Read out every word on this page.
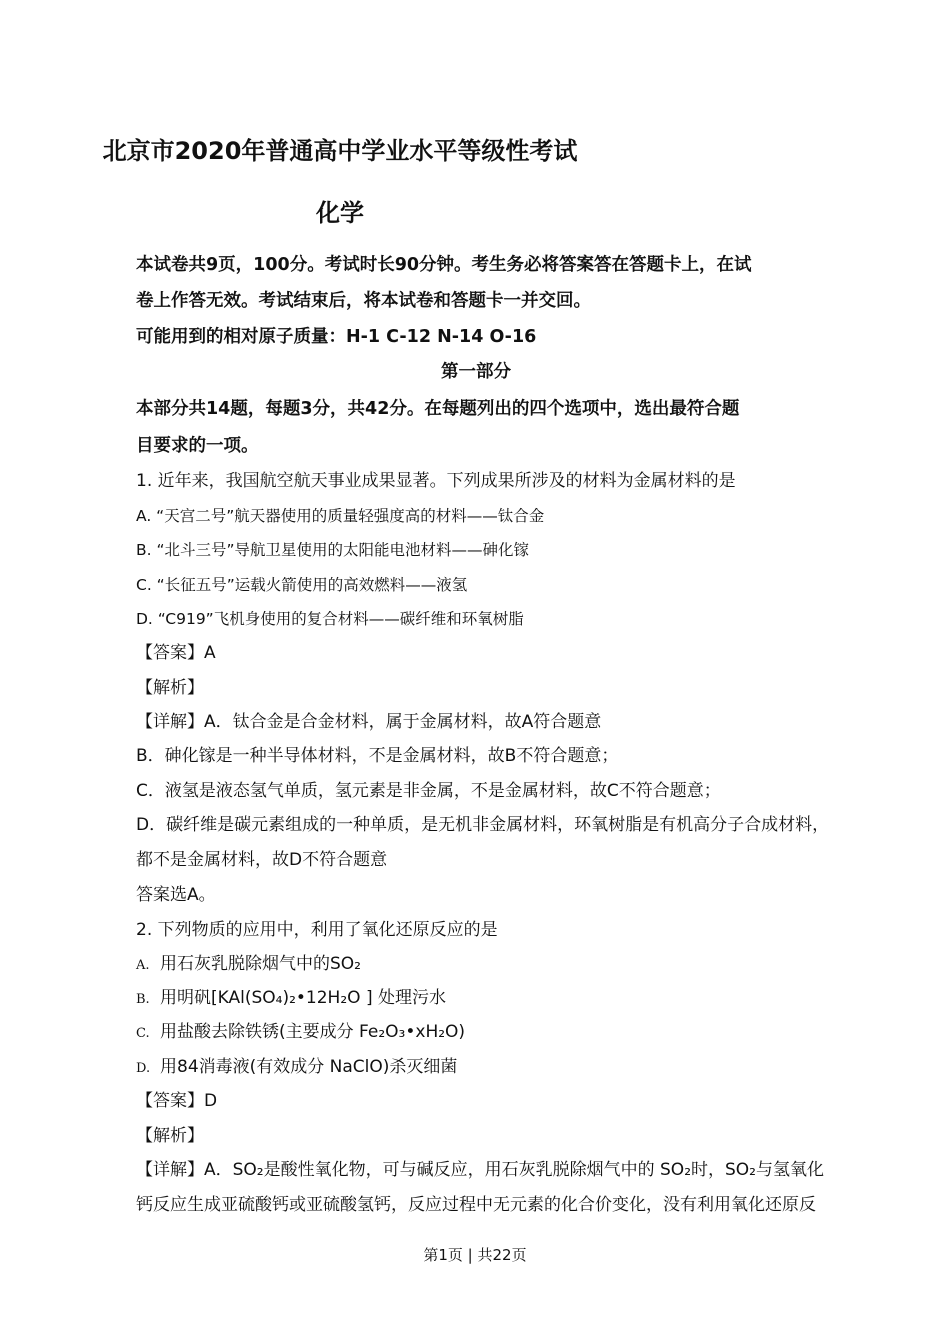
北京市2020年普通高中学业水平等级性考试
化学
本试卷共9页，100分。考试时长90分钟。考生务必将答案答在答题卡上，在试
卷上作答无效。考试结束后，将本试卷和答题卡一并交回。
可能用到的相对原子质量：H-1 C-12 N-14 O-16
第一部分
本部分共14题，每题3分，共42分。在每题列出的四个选项中，选出最符合题
目要求的一项。
1. 近年来，我国航空航天事业成果显著。下列成果所涉及的材料为金属材料的是
A. “天宫二号”航天器使用的质量轻强度高的材料——钛合金
B. “北斗三号”导航卫星使用的太阳能电池材料——砷化镓
C. “长征五号”运载火箭使用的高效燃料——液氢
D. “C919”飞机身使用的复合材料——碳纤维和环氧树脂
【答案】A
【解析】
【详解】A．钛合金是合金材料，属于金属材料，故A符合题意
B．砷化镓是一种半导体材料，不是金属材料，故B不符合题意；
C．液氢是液态氢气单质，氢元素是非金属，不是金属材料，故C不符合题意；
D．碳纤维是碳元素组成的一种单质，是无机非金属材料，环氧树脂是有机高分子合成材料，
都不是金属材料，故D不符合题意
答案选A。
2. 下列物质的应用中，利用了氧化还原反应的是
A. 用石灰乳脱除烟气中的SO₂
B. 用明矾[KAl(SO₄)₂•12H₂O ] 处理污水
C. 用盐酸去除铁锈(主要成分 Fe₂O₃•xH₂O)
D. 用84消毒液(有效成分 NaClO)杀灭细菌
【答案】D
【解析】
【详解】A．SO₂是酸性氧化物，可与碱反应，用石灰乳脱除烟气中的 SO₂时，SO₂与氢氧化
钙反应生成亚硫酸钙或亚硫酸氢钙，反应过程中无元素的化合价变化，没有利用氧化还原反
第1页 | 共22页
